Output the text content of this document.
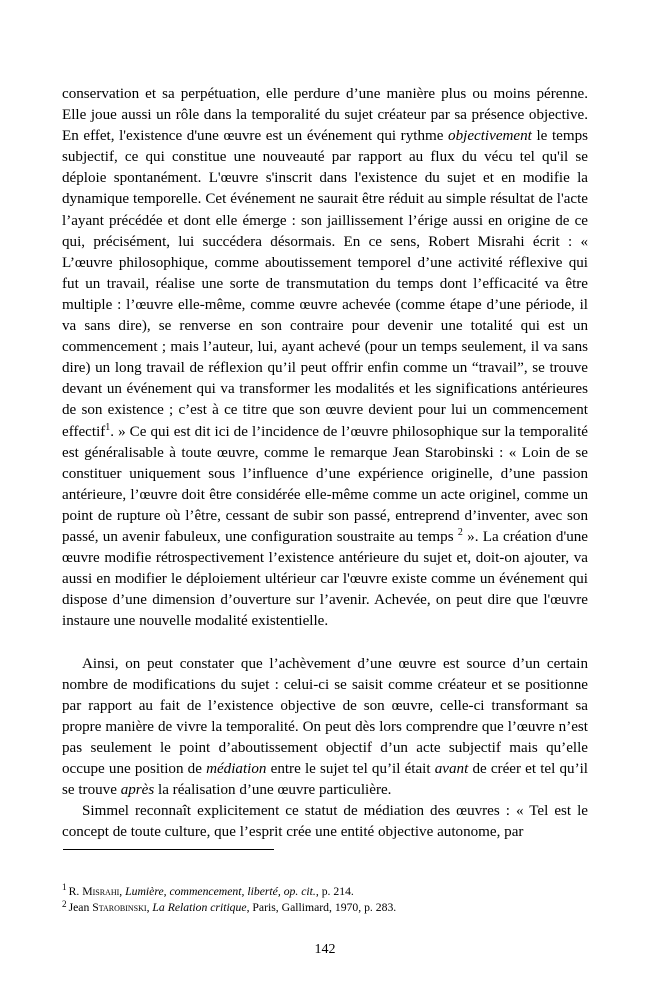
conservation et sa perpétuation, elle perdure d’une manière plus ou moins pérenne. Elle joue aussi un rôle dans la temporalité du sujet créateur par sa présence objective. En effet, l'existence d'une œuvre est un événement qui rythme objectivement le temps subjectif, ce qui constitue une nouveauté par rapport au flux du vécu tel qu'il se déploie spontanément. L'œuvre s'inscrit dans l'existence du sujet et en modifie la dynamique temporelle. Cet événement ne saurait être réduit au simple résultat de l'acte l’ayant précédée et dont elle émerge : son jaillissement l’érige aussi en origine de ce qui, précisément, lui succédera désormais. En ce sens, Robert Misrahi écrit : « L’œuvre philosophique, comme aboutissement temporel d’une activité réflexive qui fut un travail, réalise une sorte de transmutation du temps dont l’efficacité va être multiple : l’œuvre elle-même, comme œuvre achevée (comme étape d’une période, il va sans dire), se renverse en son contraire pour devenir une totalité qui est un commencement ; mais l’auteur, lui, ayant achevé (pour un temps seulement, il va sans dire) un long travail de réflexion qu’il peut offrir enfin comme un “travail”, se trouve devant un événement qui va transformer les modalités et les significations antérieures de son existence ; c’est à ce titre que son œuvre devient pour lui un commencement effectif$^1$. » Ce qui est dit ici de l’incidence de l’œuvre philosophique sur la temporalité est généralisable à toute œuvre, comme le remarque Jean Starobinski : « Loin de se constituer uniquement sous l’influence d’une expérience originelle, d’une passion antérieure, l’œuvre doit être considérée elle-même comme un acte originel, comme un point de rupture où l’être, cessant de subir son passé, entreprend d’inventer, avec son passé, un avenir fabuleux, une configuration soustraite au temps $^2$ ». La création d'une œuvre modifie rétrospectivement l’existence antérieure du sujet et, doit-on ajouter, va aussi en modifier le déploiement ultérieur car l'œuvre existe comme un événement qui dispose d’une dimension d’ouverture sur l’avenir. Achevée, on peut dire que l'œuvre instaure une nouvelle modalité existentielle.

Ainsi, on peut constater que l’achèvement d’une œuvre est source d’un certain nombre de modifications du sujet : celui-ci se saisit comme créateur et se positionne par rapport au fait de l’existence objective de son œuvre, celle-ci transformant sa propre manière de vivre la temporalité. On peut dès lors comprendre que l’œuvre n’est pas seulement le point d’aboutissement objectif d’un acte subjectif mais qu’elle occupe une position de médiation entre le sujet tel qu’il était avant de créer et tel qu’il se trouve après la réalisation d’une œuvre particulière.

Simmel reconnaît explicitement ce statut de médiation des œuvres : « Tel est le concept de toute culture, que l’esprit crée une entité objective autonome, par

$^1$ R. Misrahi, Lumière, commencement, liberté, op. cit., p. 214.

$^2$ Jean Starobinski, La Relation critique, Paris, Gallimard, 1970, p. 283.

142
